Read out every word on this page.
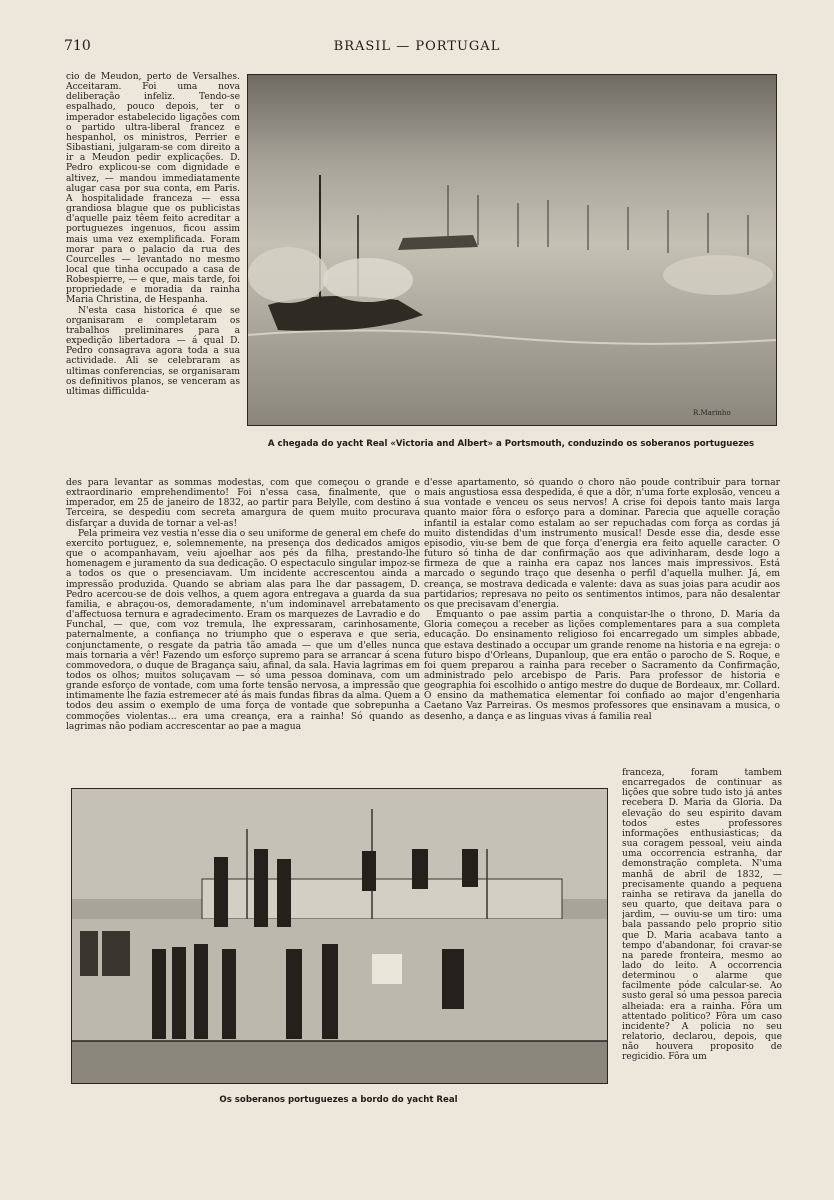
710	BRASIL — PORTUGAL

cio de Meudon, perto de Versalhes. Acceitaram. Foi uma nova deliberação infeliz. Tendo-se espalhado, pouco depois, ter o imperador estabelecido ligações com o partido ultra-liberal francez e hespanhol, os ministros, Perrier e Sibastiani, julgaram-se com direito a ir a Meudon pedir explicações. D. Pedro explicou-se com dignidade e altivez, — mandou immediatamente alugar casa por sua conta, em Paris. A hospitalidade franceza — essa grandiosa blague que os publicistas d'aquelle paiz têem feito acreditar a portuguezes ingenuos, ficou assim mais uma vez exemplificada. Foram morar para o palacio da rua des Courcelles — levantado no mesmo local que tinha occupado a casa de Robespierre, — e que, mais tarde, foi propriedade e moradia da rainha Maria Christina, de Hespanha.

N'esta casa historica é que se organisaram e completaram os trabalhos preliminares para a expedição libertadora — á qual D. Pedro consagrava agora toda a sua actividade. Ali se celebraram as ultimas conferencias, se organisaram os definitivos planos, se venceram as ultimas difficulda-

R.Marinho
A chegada do yacht Real «Victoria and Albert» a Portsmouth, conduzindo os soberanos portuguezes

des para levantar as sommas modestas, com que começou o grande e extraordinario emprehendimento! Foi n'essa casa, finalmente, que o imperador, em 25 de janeiro de 1832, ao partir para Belylle, com destino á Terceira, se despediu com secreta amargura de quem muito procurava disfarçar a duvida de tornar a vel-as!

Pela primeira vez vestia n'esse dia o seu uniforme de general em chefe do exercito portuguez, e, solemnemente, na presença dos dedicados amigos que o acompanhavam, veiu ajoelhar aos pés da filha, prestando-lhe homenagem e juramento da sua dedicação. O espectaculo singular impoz-se a todos os que o presenciavam. Um incidente accrescentou ainda a impressão produzida. Quando se abriam alas para lhe dar passagem, D. Pedro acercou-se de dois velhos, a quem agora entregava a guarda da sua familia, e abraçou-os, demoradamente, n'um indominavel arrebatamento d'affectuosa ternura e agradecimento. Eram os marquezes de Lavradio e do Funchal, — que, com voz tremula, lhe expressaram, carinhosamente, paternalmente, a confiança no triumpho que o esperava e que seria, conjunctamente, o resgate da patria tão amada — que um d'elles nunca mais tornaria a vêr! Fazendo um esforço supremo para se arrancar á scena commovedora, o duque de Bragança saiu, afinal, da sala. Havia lagrimas em todos os olhos; muitos soluçavam — só uma pessoa dominava, com um grande esforço de vontade, com uma forte tensão nervosa, a impressão que intimamente lhe fazia estremecer até ás mais fundas fibras da alma. Quem a todos deu assim o exemplo de uma força de vontade que sobrepunha a commoções violentas... era uma creança, era a rainha! Só quando as lagrimas não podiam accrescentar ao pae a magua

d'esse apartamento, só quando o choro não poude contribuir para tornar mais angustiosa essa despedida, é que a dôr, n'uma forte explosão, venceu a sua vontade e venceu os seus nervos! A crise foi depois tanto mais larga quanto maior fôra o esforço para a dominar. Parecia que aquelle coração infantil ia estalar como estalam ao ser repuchadas com força as cordas já muito distendidas d'um instrumento musical! Desde esse dia, desde esse episodio, viu-se bem de que força d'energia era feito aquelle caracter. O futuro só tinha de dar confirmação aos que adivinharam, desde logo a firmeza de que a rainha era capaz nos lances mais impressivos. Está marcado o segundo traço que desenha o perfil d'aquella mulher. Já, em creança, se mostrava dedicada e valente: dava as suas joias para acudir aos partidarios; represava no peito os sentimentos intimos, para não desalentar os que precisavam d'energia.

Emquanto o pae assim partia a conquistar-lhe o throno, D. Maria da Gloria começou a receber as lições complementares para a sua completa educação. Do ensinamento religioso foi encarregado um simples abbade, que estava destinado a occupar um grande renome na historia e na egreja: o futuro bispo d'Orleans, Dupanloup, que era então o parocho de S. Roque, e foi quem preparou a rainha para receber o Sacramento da Confirmação, administrado pelo arcebispo de Paris. Para professor de historia e geographia foi escolhido o antigo mestre do duque de Bordeaux, mr. Collard. O ensino da mathematica elementar foi confiado ao major d'engenharia Caetano Vaz Parreiras. Os mesmos professores que ensinavam a musica, o desenho, a dança e as linguas vivas á familia real

Os soberanos portuguezes a bordo do yacht Real

franceza, foram tambem encarregados de continuar as lições que sobre tudo isto já antes recebera D. Maria da Gloria. Da elevação do seu espirito davam todos estes professores informações enthusiasticas; da sua coragem pessoal, veiu ainda uma occorrencia estranha, dar demonstração completa. N'uma manhã de abril de 1832, — precisamente quando a pequena rainha se retirava da janella do seu quarto, que deitava para o jardim, — ouviu-se um tiro: uma bala passando pelo proprio sitio que D. Maria acabava tanto a tempo d'abandonar, foi cravar-se na parede fronteira, mesmo ao lado do leito. A occorrencia determinou o alarme que facilmente póde calcular-se. Ao susto geral só uma pessoa parecia alheiada: era a rainha. Fôra um attentado politico? Fôra um caso incidente? A policia no seu relatorio, declarou, depois, que não houvera proposito de regicidio. Fôra um
